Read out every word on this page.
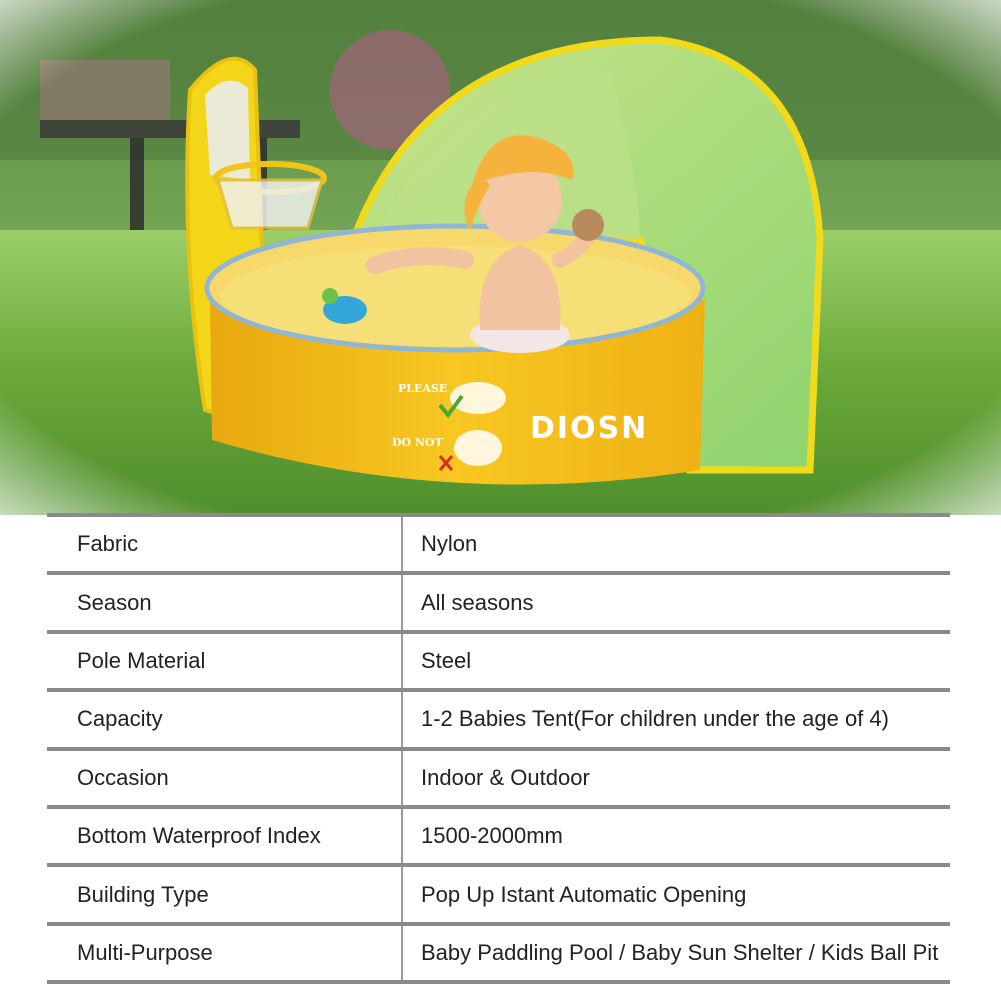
Fabric	Nylon
Season	All seasons
Pole Material	Steel
Capacity	1-2 Babies Tent(For children under the age of 4)
Occasion	Indoor & Outdoor
Bottom Waterproof Index	1500-2000mm
Building Type	Pop Up Istant Automatic Opening
Multi-Purpose	Baby Paddling Pool / Baby Sun Shelter / Kids Ball Pit
